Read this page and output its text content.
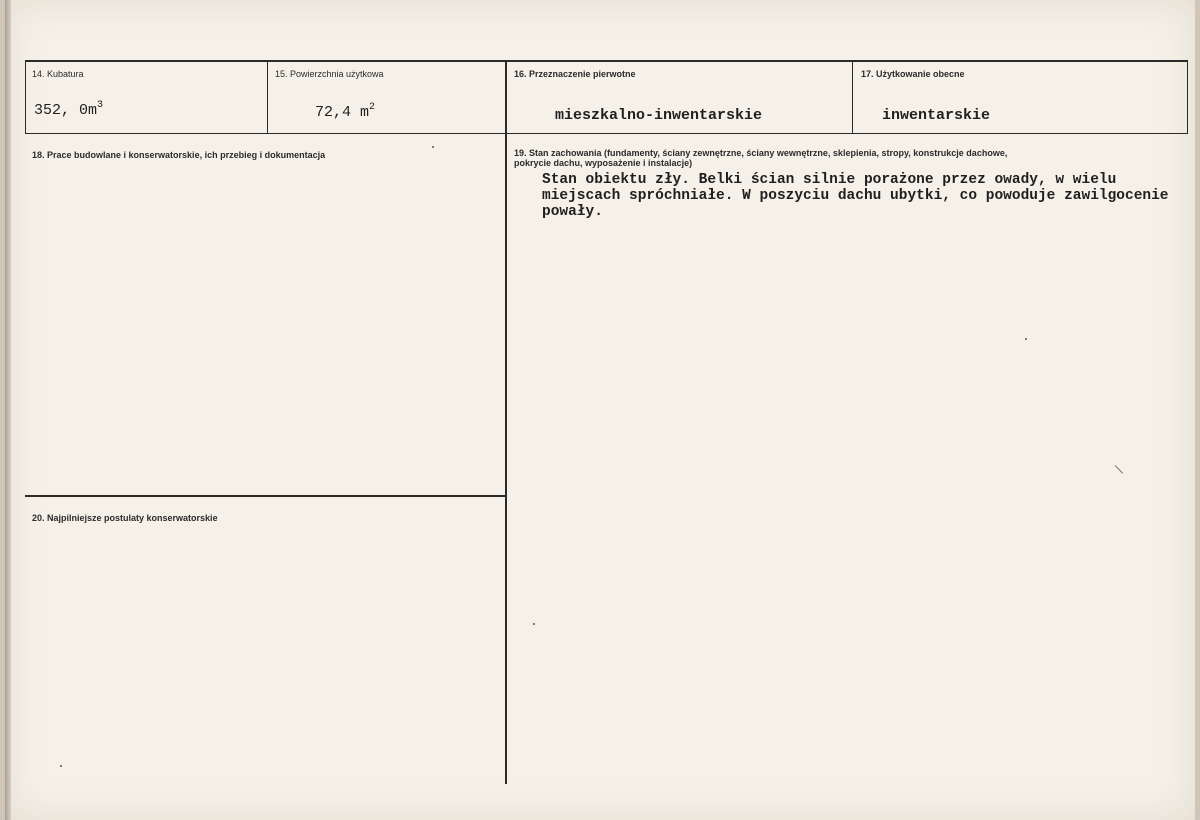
14. Kubatura
352, $0m^3$
15. Powierzchnia użytkowa
72,4 $m^2$
16. Przeznaczenie pierwotne
mieszkalno-inwentarskie
17. Użytkowanie obecne
inwentarskie
18. Prace budowlane i konserwatorskie, ich przebieg i dokumentacja	19. Stan zachowania (fundamenty, ściany zewnętrzne, ściany wewnętrzne, sklepienia, stropy, konstrukcje dachowe, pokrycie dachu, wyposażenie i instalacje)
Stan obiektu zły. Belki ścian silnie porażone przez owady, w wielu miejscach spróchniałe. W poszyciu dachu ubytki, co powoduje zawilgocenie powały.
20. Najpilniejsze postulaty konserwatorskie
